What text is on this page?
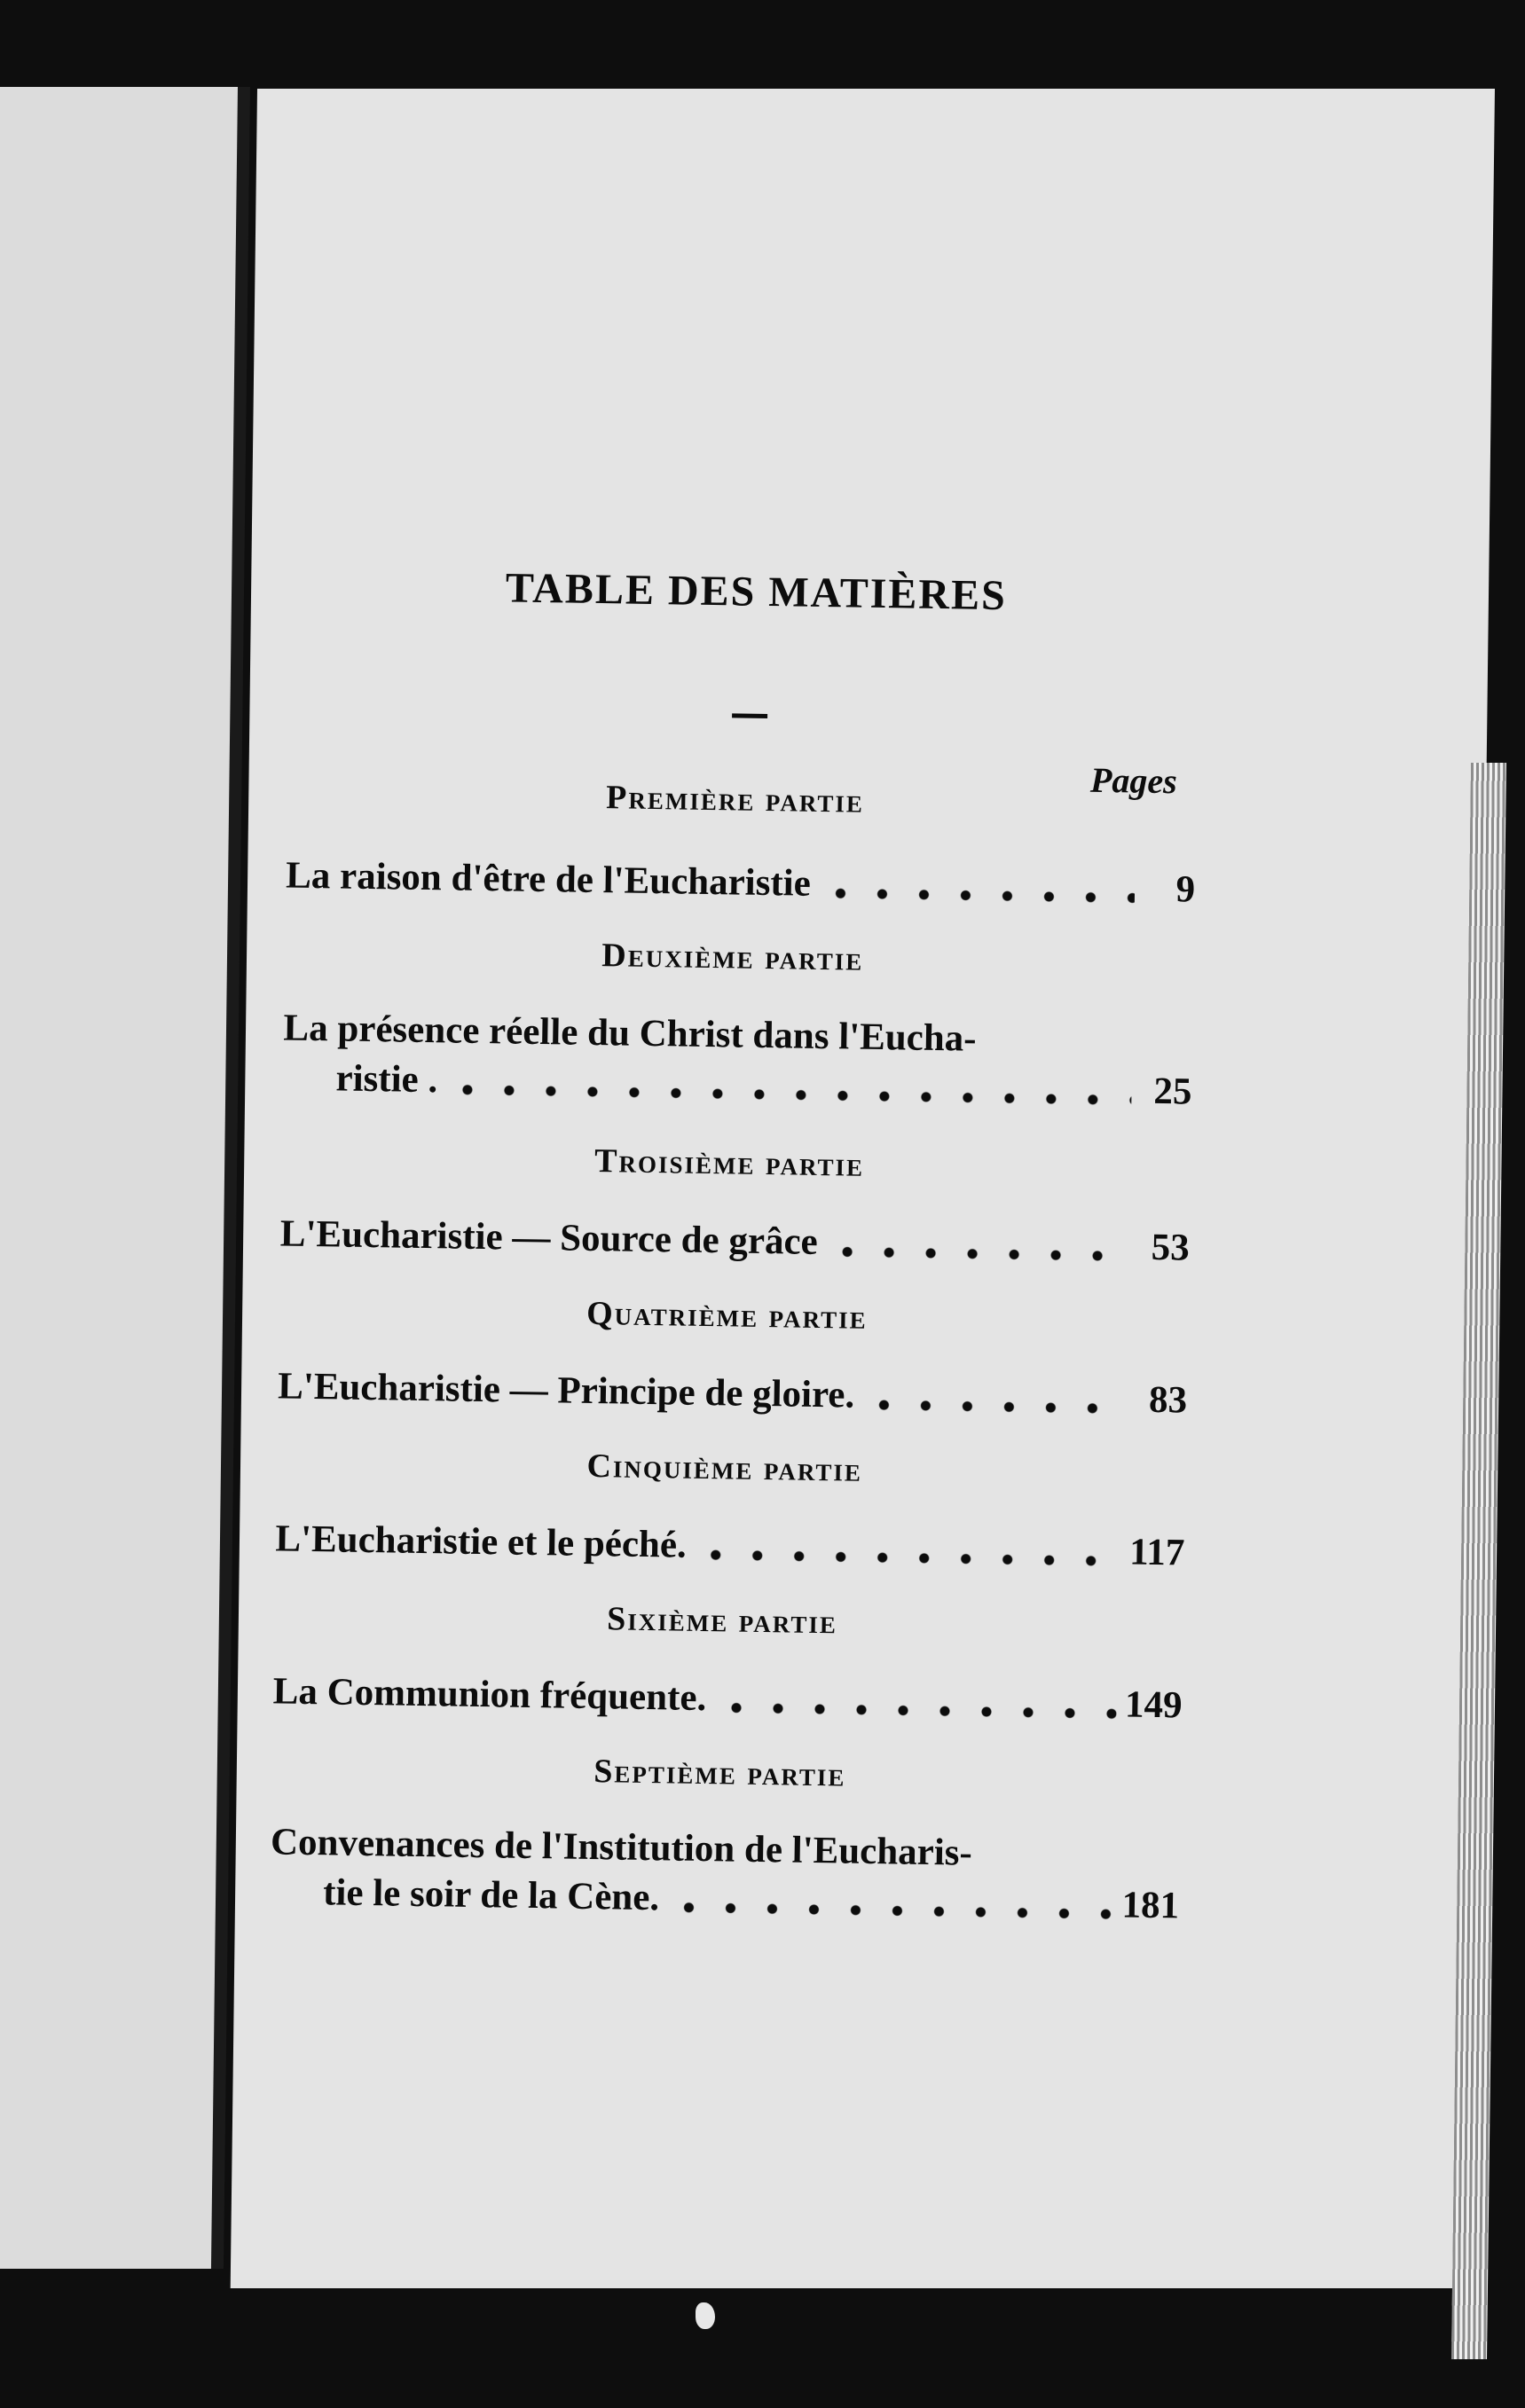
TABLE DES MATIÈRES
Pages
Première partie
La raison d'être de l'Eucharistie	9
Deuxième partie
La présence réelle du Christ dans l'Eucha-
ristie .	25
Troisième partie
L'Eucharistie — Source de grâce	53
Quatrième partie
L'Eucharistie — Principe de gloire.	83
Cinquième partie
L'Eucharistie et le péché.	117
Sixième partie
La Communion fréquente.	149
Septième partie
Convenances de l'Institution de l'Eucharis-
tie le soir de la Cène.	181
